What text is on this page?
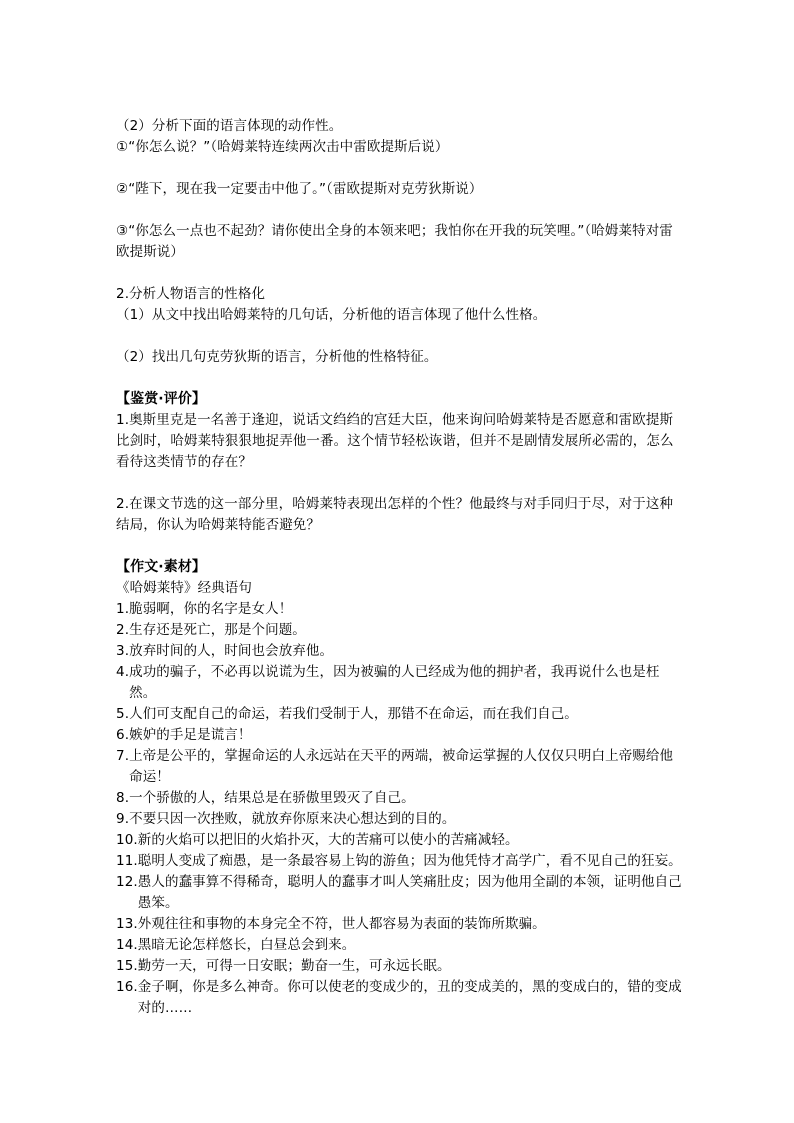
（2）分析下面的语言体现的动作性。
①“你怎么说？”（哈姆莱特连续两次击中雷欧提斯后说）
②“陛下，现在我一定要击中他了。”（雷欧提斯对克劳狄斯说）
③“你怎么一点也不起劲？请你使出全身的本领来吧；我怕你在开我的玩笑哩。”（哈姆莱特对雷欧提斯说）
2.分析人物语言的性格化
（1）从文中找出哈姆莱特的几句话，分析他的语言体现了他什么性格。
（2）找出几句克劳狄斯的语言，分析他的性格特征。
【鉴赏·评价】
1.奥斯里克是一名善于逢迎，说话文绉绉的宫廷大臣，他来询问哈姆莱特是否愿意和雷欧提斯比剑时，哈姆莱特狠狠地捉弄他一番。这个情节轻松诙谐，但并不是剧情发展所必需的，怎么看待这类情节的存在？
2.在课文节选的这一部分里，哈姆莱特表现出怎样的个性？他最终与对手同归于尽，对于这种结局，你认为哈姆莱特能否避免？
【作文·素材】
《哈姆莱特》经典语句
1. 脆弱啊，你的名字是女人！
2. 生存还是死亡，那是个问题。
3. 放弃时间的人，时间也会放弃他。
4. 成功的骗子，不必再以说谎为生，因为被骗的人已经成为他的拥护者，我再说什么也是枉然。
5. 人们可支配自己的命运，若我们受制于人，那错不在命运，而在我们自己。
6. 嫉妒的手足是谎言！
7. 上帝是公平的，掌握命运的人永远站在天平的两端，被命运掌握的人仅仅只明白上帝赐给他命运！
8. 一个骄傲的人，结果总是在骄傲里毁灭了自己。
9. 不要只因一次挫败，就放弃你原来决心想达到的目的。
10. 新的火焰可以把旧的火焰扑灭，大的苦痛可以使小的苦痛减轻。
11. 聪明人变成了痴愚，是一条最容易上钩的游鱼；因为他凭恃才高学广，看不见自己的狂妄。
12. 愚人的蠢事算不得稀奇，聪明人的蠢事才叫人笑痛肚皮；因为他用全副的本领，证明他自己愚笨。
13. 外观往往和事物的本身完全不符，世人都容易为表面的装饰所欺骗。
14. 黑暗无论怎样悠长，白昼总会到来。
15. 勤劳一天，可得一日安眠；勤奋一生，可永远长眠。
16. 金子啊，你是多么神奇。你可以使老的变成少的，丑的变成美的，黑的变成白的，错的变成对的……
